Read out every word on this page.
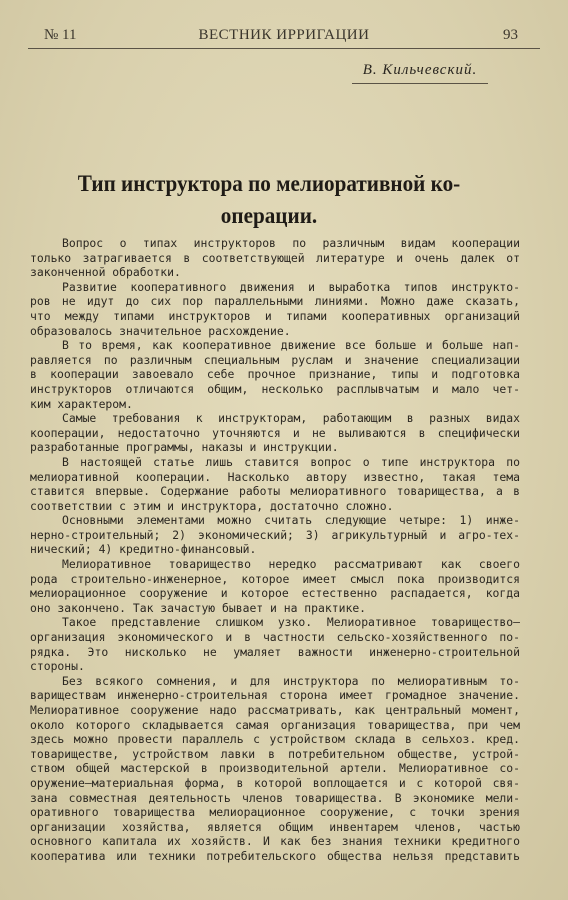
№ 11	ВЕСТНИК ИРРИГАЦИИ	93
В. Кильчевский.
Тип инструктора по мелиоративной ко-
операции.
Вопрос о типах инструкторов по различным видам кооперации
только затрагивается в соответствующей литературе и очень далек от
законченной обработки.
Развитие кооперативного движения и выработка типов инструкто-
ров не идут до сих пор параллельными линиями. Можно даже сказать,
что между типами инструкторов и типами кооперативных организаций
образовалось значительное расхождение.
В то время, как кооперативное движение все больше и больше нап-
равляется по различным специальным руслам и значение специализации
в кооперации завоевало себе прочное признание, типы и подготовка
инструкторов отличаются общим, несколько расплывчатым и мало чет-
ким характером.
Самые требования к инструкторам, работающим в разных видах
кооперации, недостаточно уточняются и не выливаются в специфически
разработанные программы, наказы и инструкции.
В настоящей статье лишь ставится вопрос о типе инструктора по
мелиоративной кооперации. Насколько автору известно, такая тема
ставится впервые. Содержание работы мелиоративного товарищества, а в
соответствии с этим и инструктора, достаточно сложно.
Основными элементами можно считать следующие четыре: 1) инже-
нерно-строительный; 2) экономический; 3) агрикультурный и агро-тех-
нический; 4) кредитно-финансовый.
Мелиоративное товарищество нередко рассматривают как своего
рода строительно-инженерное, которое имеет смысл пока производится
мелиорационное сооружение и которое естественно распадается, когда
оно закончено. Так зачастую бывает и на практике.
Такое представление слишком узко. Мелиоративное товарищество—
организация экономического и в частности сельско-хозяйственного по-
рядка. Это нисколько не умаляет важности инженерно-строительной
стороны.
Без всякого сомнения, и для инструктора по мелиоративным то-
вариществам инженерно-строительная сторона имеет громадное значение.
Мелиоративное сооружение надо рассматривать, как центральный момент,
около которого складывается самая организация товарищества, при чем
здесь можно провести параллель с устройством склада в сельхоз. кред.
товариществе, устройством лавки в потребительном обществе, устрой-
ством общей мастерской в производительной артели. Мелиоративное со-
оружение—материальная форма, в которой воплощается и с которой свя-
зана совместная деятельность членов товарищества. В экономике мели-
оративного товарищества мелиорационное сооружение, с точки зрения
организации хозяйства, является общим инвентарем членов, частью
основного капитала их хозяйств. И как без знания техники кредитного
кооператива или техники потребительского общества нельзя представить
